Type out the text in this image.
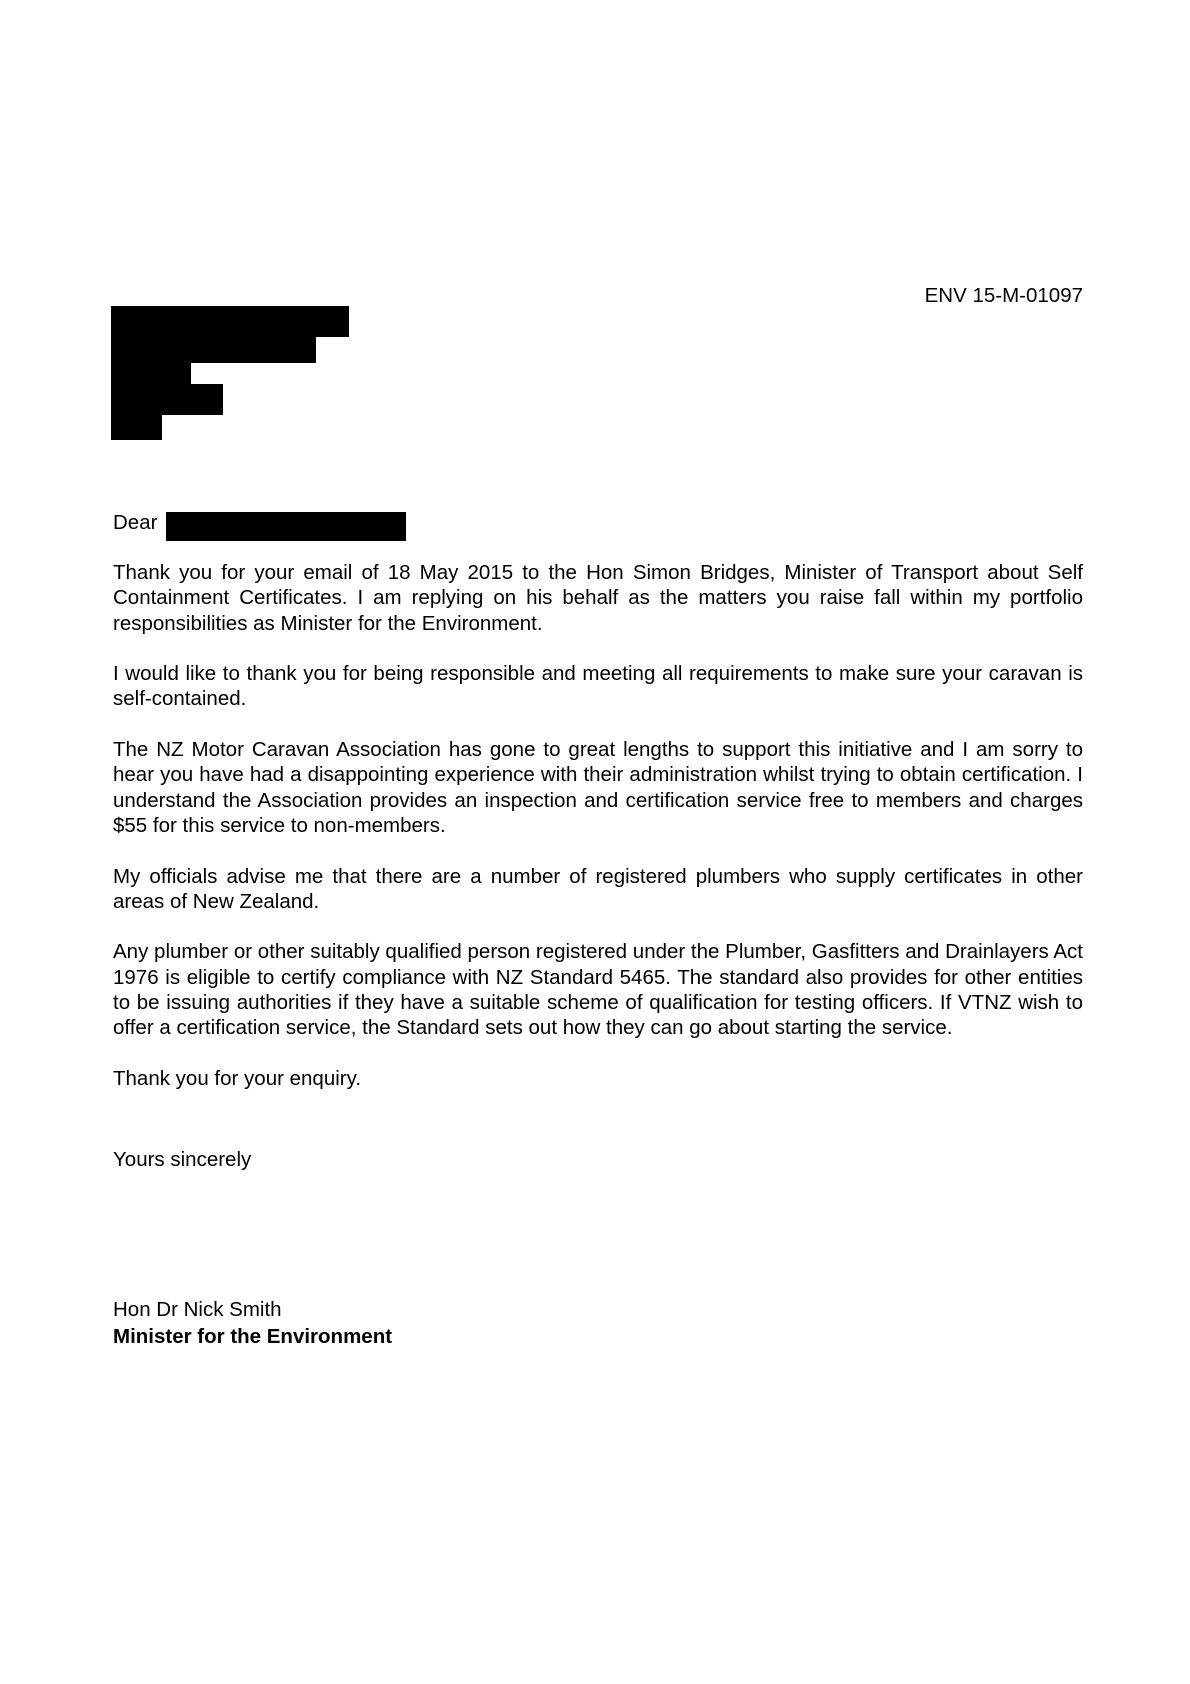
ENV 15-M-01097
Dear

Thank you for your email of 18 May 2015 to the Hon Simon Bridges, Minister of Transport about Self Containment Certificates. I am replying on his behalf as the matters you raise fall within my portfolio responsibilities as Minister for the Environment.

I would like to thank you for being responsible and meeting all requirements to make sure your caravan is self-contained.

The NZ Motor Caravan Association has gone to great lengths to support this initiative and I am sorry to hear you have had a disappointing experience with their administration whilst trying to obtain certification. I understand the Association provides an inspection and certification service free to members and charges $55 for this service to non-members.

My officials advise me that there are a number of registered plumbers who supply certificates in other areas of New Zealand.

Any plumber or other suitably qualified person registered under the Plumber, Gasfitters and Drainlayers Act 1976 is eligible to certify compliance with NZ Standard 5465. The standard also provides for other entities to be issuing authorities if they have a suitable scheme of qualification for testing officers. If VTNZ wish to offer a certification service, the Standard sets out how they can go about starting the service.

Thank you for your enquiry.

Yours sincerely
Hon Dr Nick Smith
Minister for the Environment
